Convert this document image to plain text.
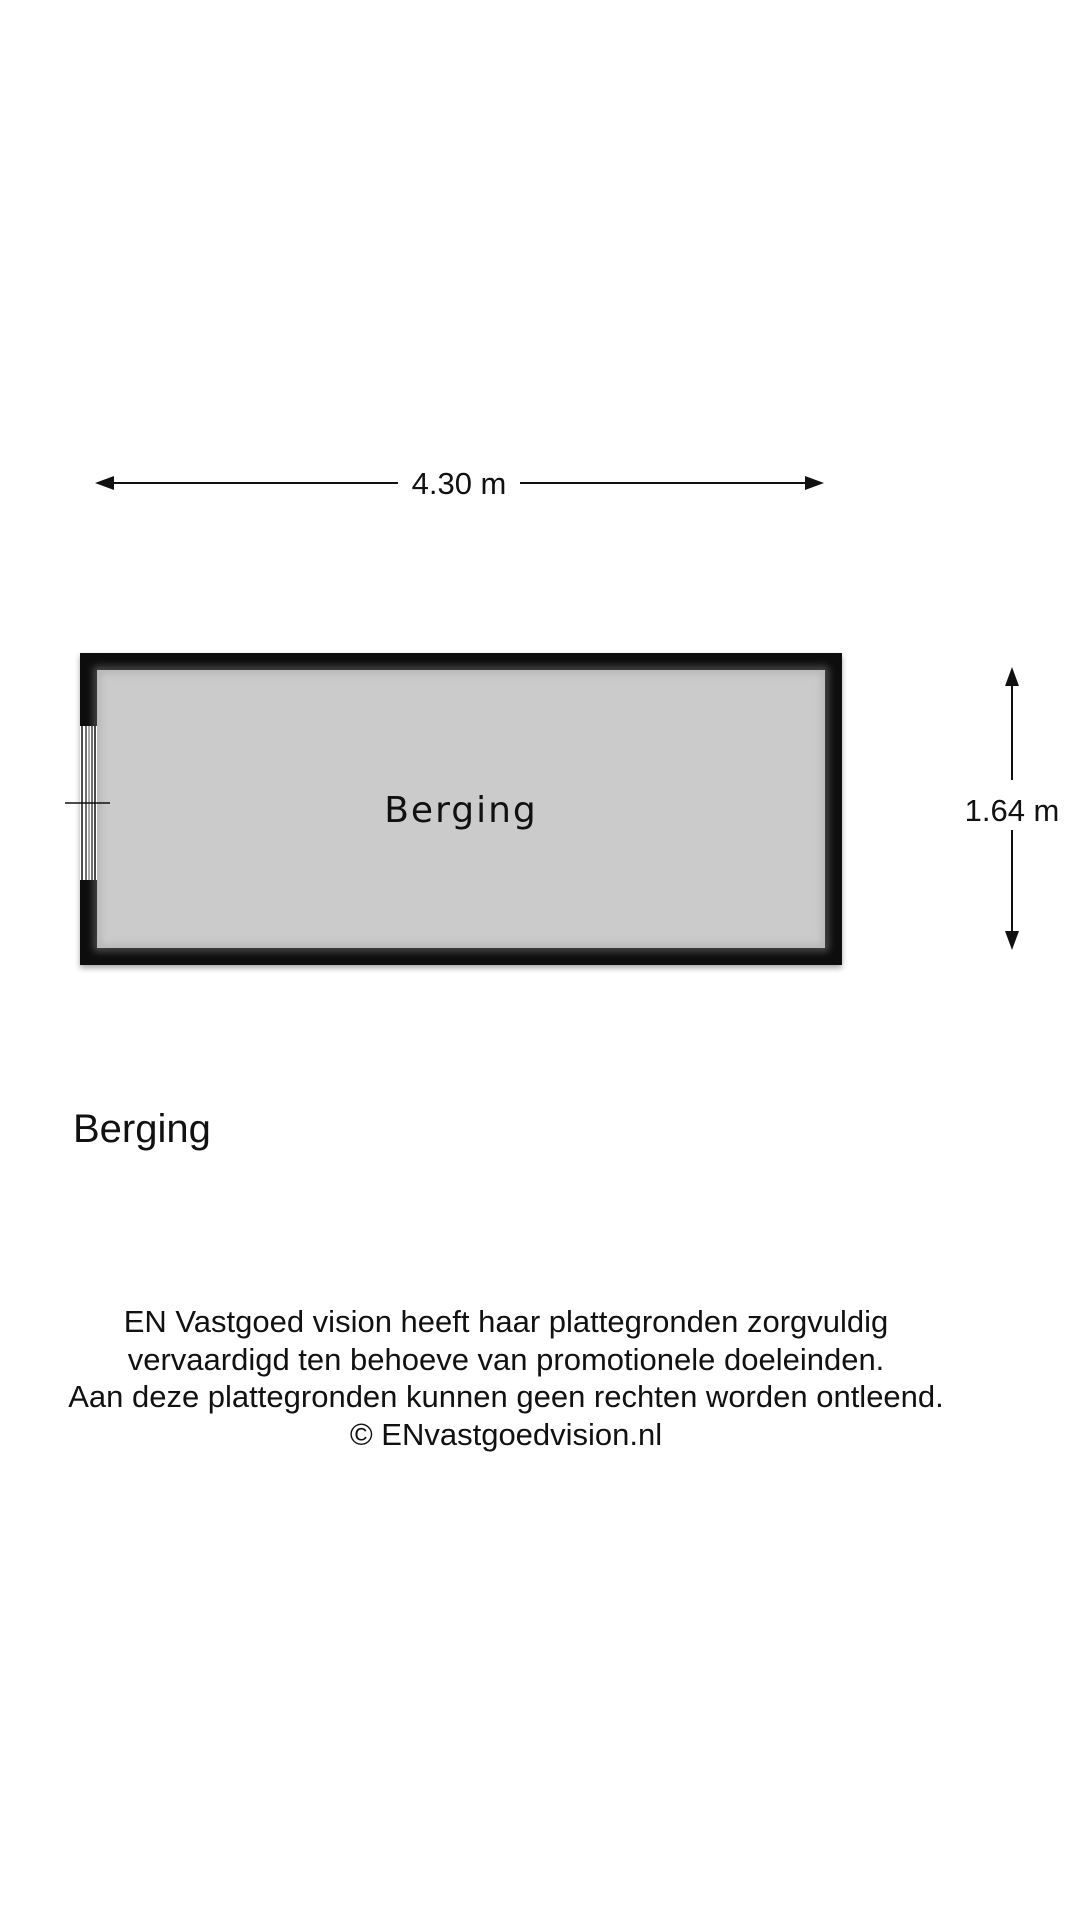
4.30 m
Berging	1.64 m
Berging
EN Vastgoed vision heeft haar plattegronden zorgvuldig
vervaardigd ten behoeve van promotionele doeleinden.
Aan deze plattegronden kunnen geen rechten worden ontleend.
© ENvastgoedvision.nl
